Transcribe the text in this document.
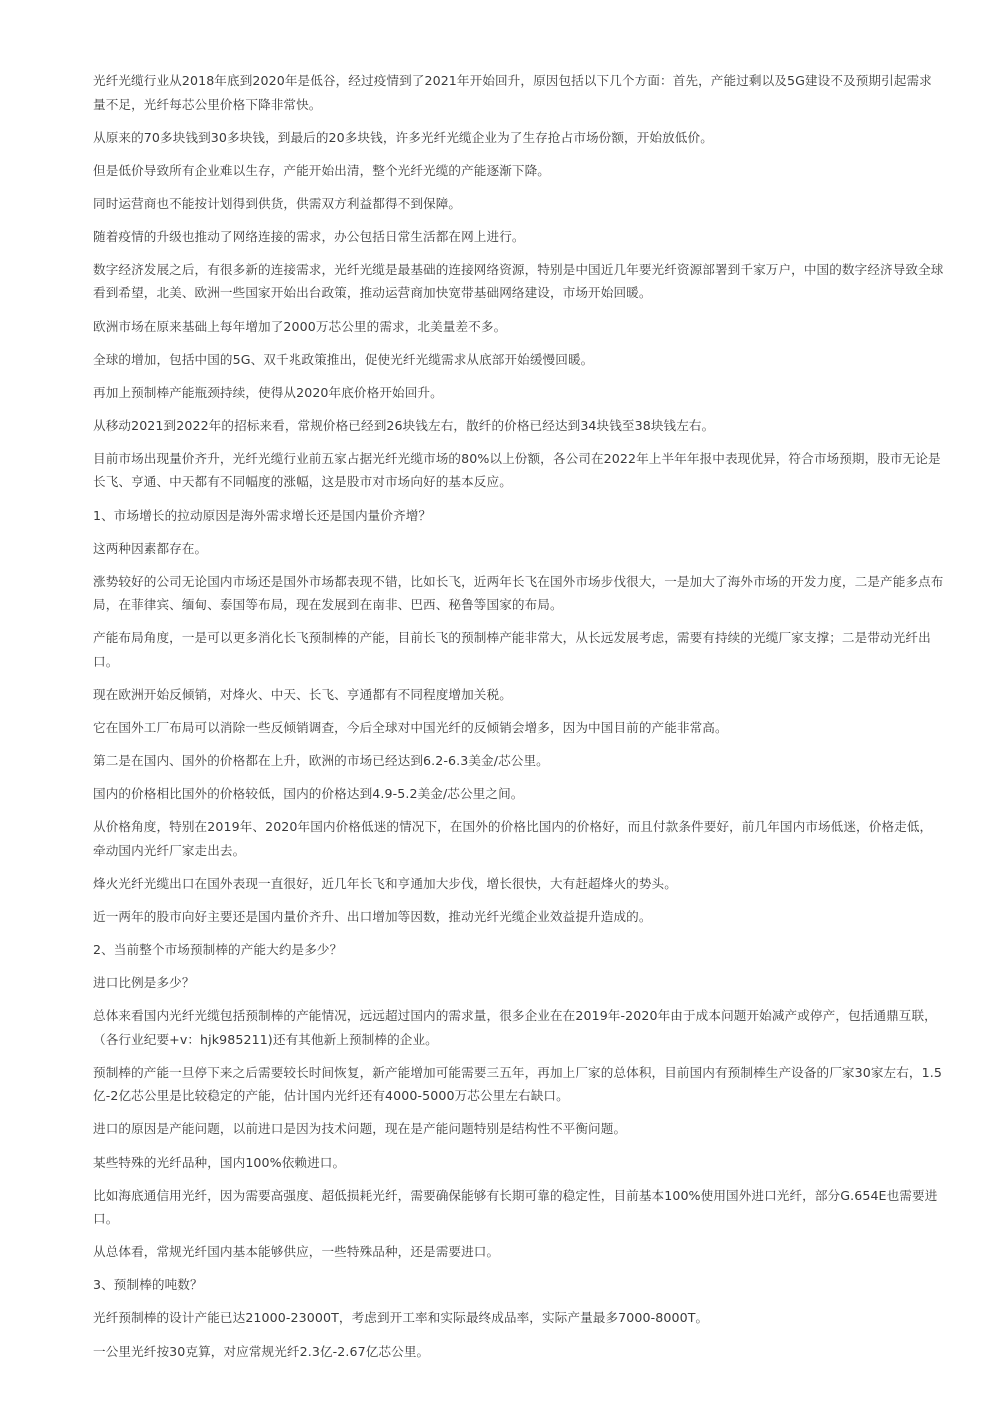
光纤光缆行业从2018年底到2020年是低谷，经过疫情到了2021年开始回升，原因包括以下几个方面：首先，产能过剩以及5G建设不及预期引起需求量不足，光纤每芯公里价格下降非常快。

从原来的70多块钱到30多块钱，到最后的20多块钱，许多光纤光缆企业为了生存抢占市场份额，开始放低价。

但是低价导致所有企业难以生存，产能开始出清，整个光纤光缆的产能逐渐下降。

同时运营商也不能按计划得到供货，供需双方利益都得不到保障。

随着疫情的升级也推动了网络连接的需求，办公包括日常生活都在网上进行。

数字经济发展之后，有很多新的连接需求，光纤光缆是最基础的连接网络资源，特别是中国近几年要光纤资源部署到千家万户，中国的数字经济导致全球看到希望，北美、欧洲一些国家开始出台政策，推动运营商加快宽带基础网络建设，市场开始回暖。

欧洲市场在原来基础上每年增加了2000万芯公里的需求，北美量差不多。

全球的增加，包括中国的5G、双千兆政策推出，促使光纤光缆需求从底部开始缓慢回暖。

再加上预制棒产能瓶颈持续，使得从2020年底价格开始回升。

从移动2021到2022年的招标来看，常规价格已经到26块钱左右，散纤的价格已经达到34块钱至38块钱左右。

目前市场出现量价齐升，光纤光缆行业前五家占据光纤光缆市场的80%以上份额，各公司在2022年上半年年报中表现优异，符合市场预期，股市无论是长飞、亨通、中天都有不同幅度的涨幅，这是股市对市场向好的基本反应。

1、市场增长的拉动原因是海外需求增长还是国内量价齐增？

这两种因素都存在。

涨势较好的公司无论国内市场还是国外市场都表现不错，比如长飞，近两年长飞在国外市场步伐很大，一是加大了海外市场的开发力度，二是产能多点布局，在菲律宾、缅甸、泰国等布局，现在发展到在南非、巴西、秘鲁等国家的布局。

产能布局角度，一是可以更多消化长飞预制棒的产能，目前长飞的预制棒产能非常大，从长远发展考虑，需要有持续的光缆厂家支撑；二是带动光纤出口。

现在欧洲开始反倾销，对烽火、中天、长飞、亨通都有不同程度增加关税。

它在国外工厂布局可以消除一些反倾销调查，今后全球对中国光纤的反倾销会增多，因为中国目前的产能非常高。

第二是在国内、国外的价格都在上升，欧洲的市场已经达到6.2-6.3美金/芯公里。

国内的价格相比国外的价格较低，国内的价格达到4.9-5.2美金/芯公里之间。

从价格角度，特别在2019年、2020年国内价格低迷的情况下，在国外的价格比国内的价格好，而且付款条件要好，前几年国内市场低迷，价格走低，牵动国内光纤厂家走出去。

烽火光纤光缆出口在国外表现一直很好，近几年长飞和亨通加大步伐，增长很快，大有赶超烽火的势头。

近一两年的股市向好主要还是国内量价齐升、出口增加等因数，推动光纤光缆企业效益提升造成的。

2、当前整个市场预制棒的产能大约是多少？

进口比例是多少？

总体来看国内光纤光缆包括预制棒的产能情况，远远超过国内的需求量，很多企业在在2019年-2020年由于成本问题开始减产或停产，包括通鼎互联， （各行业纪要+v：hjk985211)还有其他新上预制棒的企业。

预制棒的产能一旦停下来之后需要较长时间恢复，新产能增加可能需要三五年，再加上厂家的总体积，目前国内有预制棒生产设备的厂家30家左右，1.5亿-2亿芯公里是比较稳定的产能，估计国内光纤还有4000-5000万芯公里左右缺口。

进口的原因是产能问题，以前进口是因为技术问题，现在是产能问题特别是结构性不平衡问题。

某些特殊的光纤品种，国内100%依赖进口。

比如海底通信用光纤，因为需要高强度、超低损耗光纤，需要确保能够有长期可靠的稳定性，目前基本100%使用国外进口光纤，部分G.654E也需要进口。

从总体看，常规光纤国内基本能够供应，一些特殊品种，还是需要进口。

3、预制棒的吨数？

光纤预制棒的设计产能已达21000-23000T，考虑到开工率和实际最终成品率，实际产量最多7000-8000T。

一公里光纤按30克算，对应常规光纤2.3亿-2.67亿芯公里。
